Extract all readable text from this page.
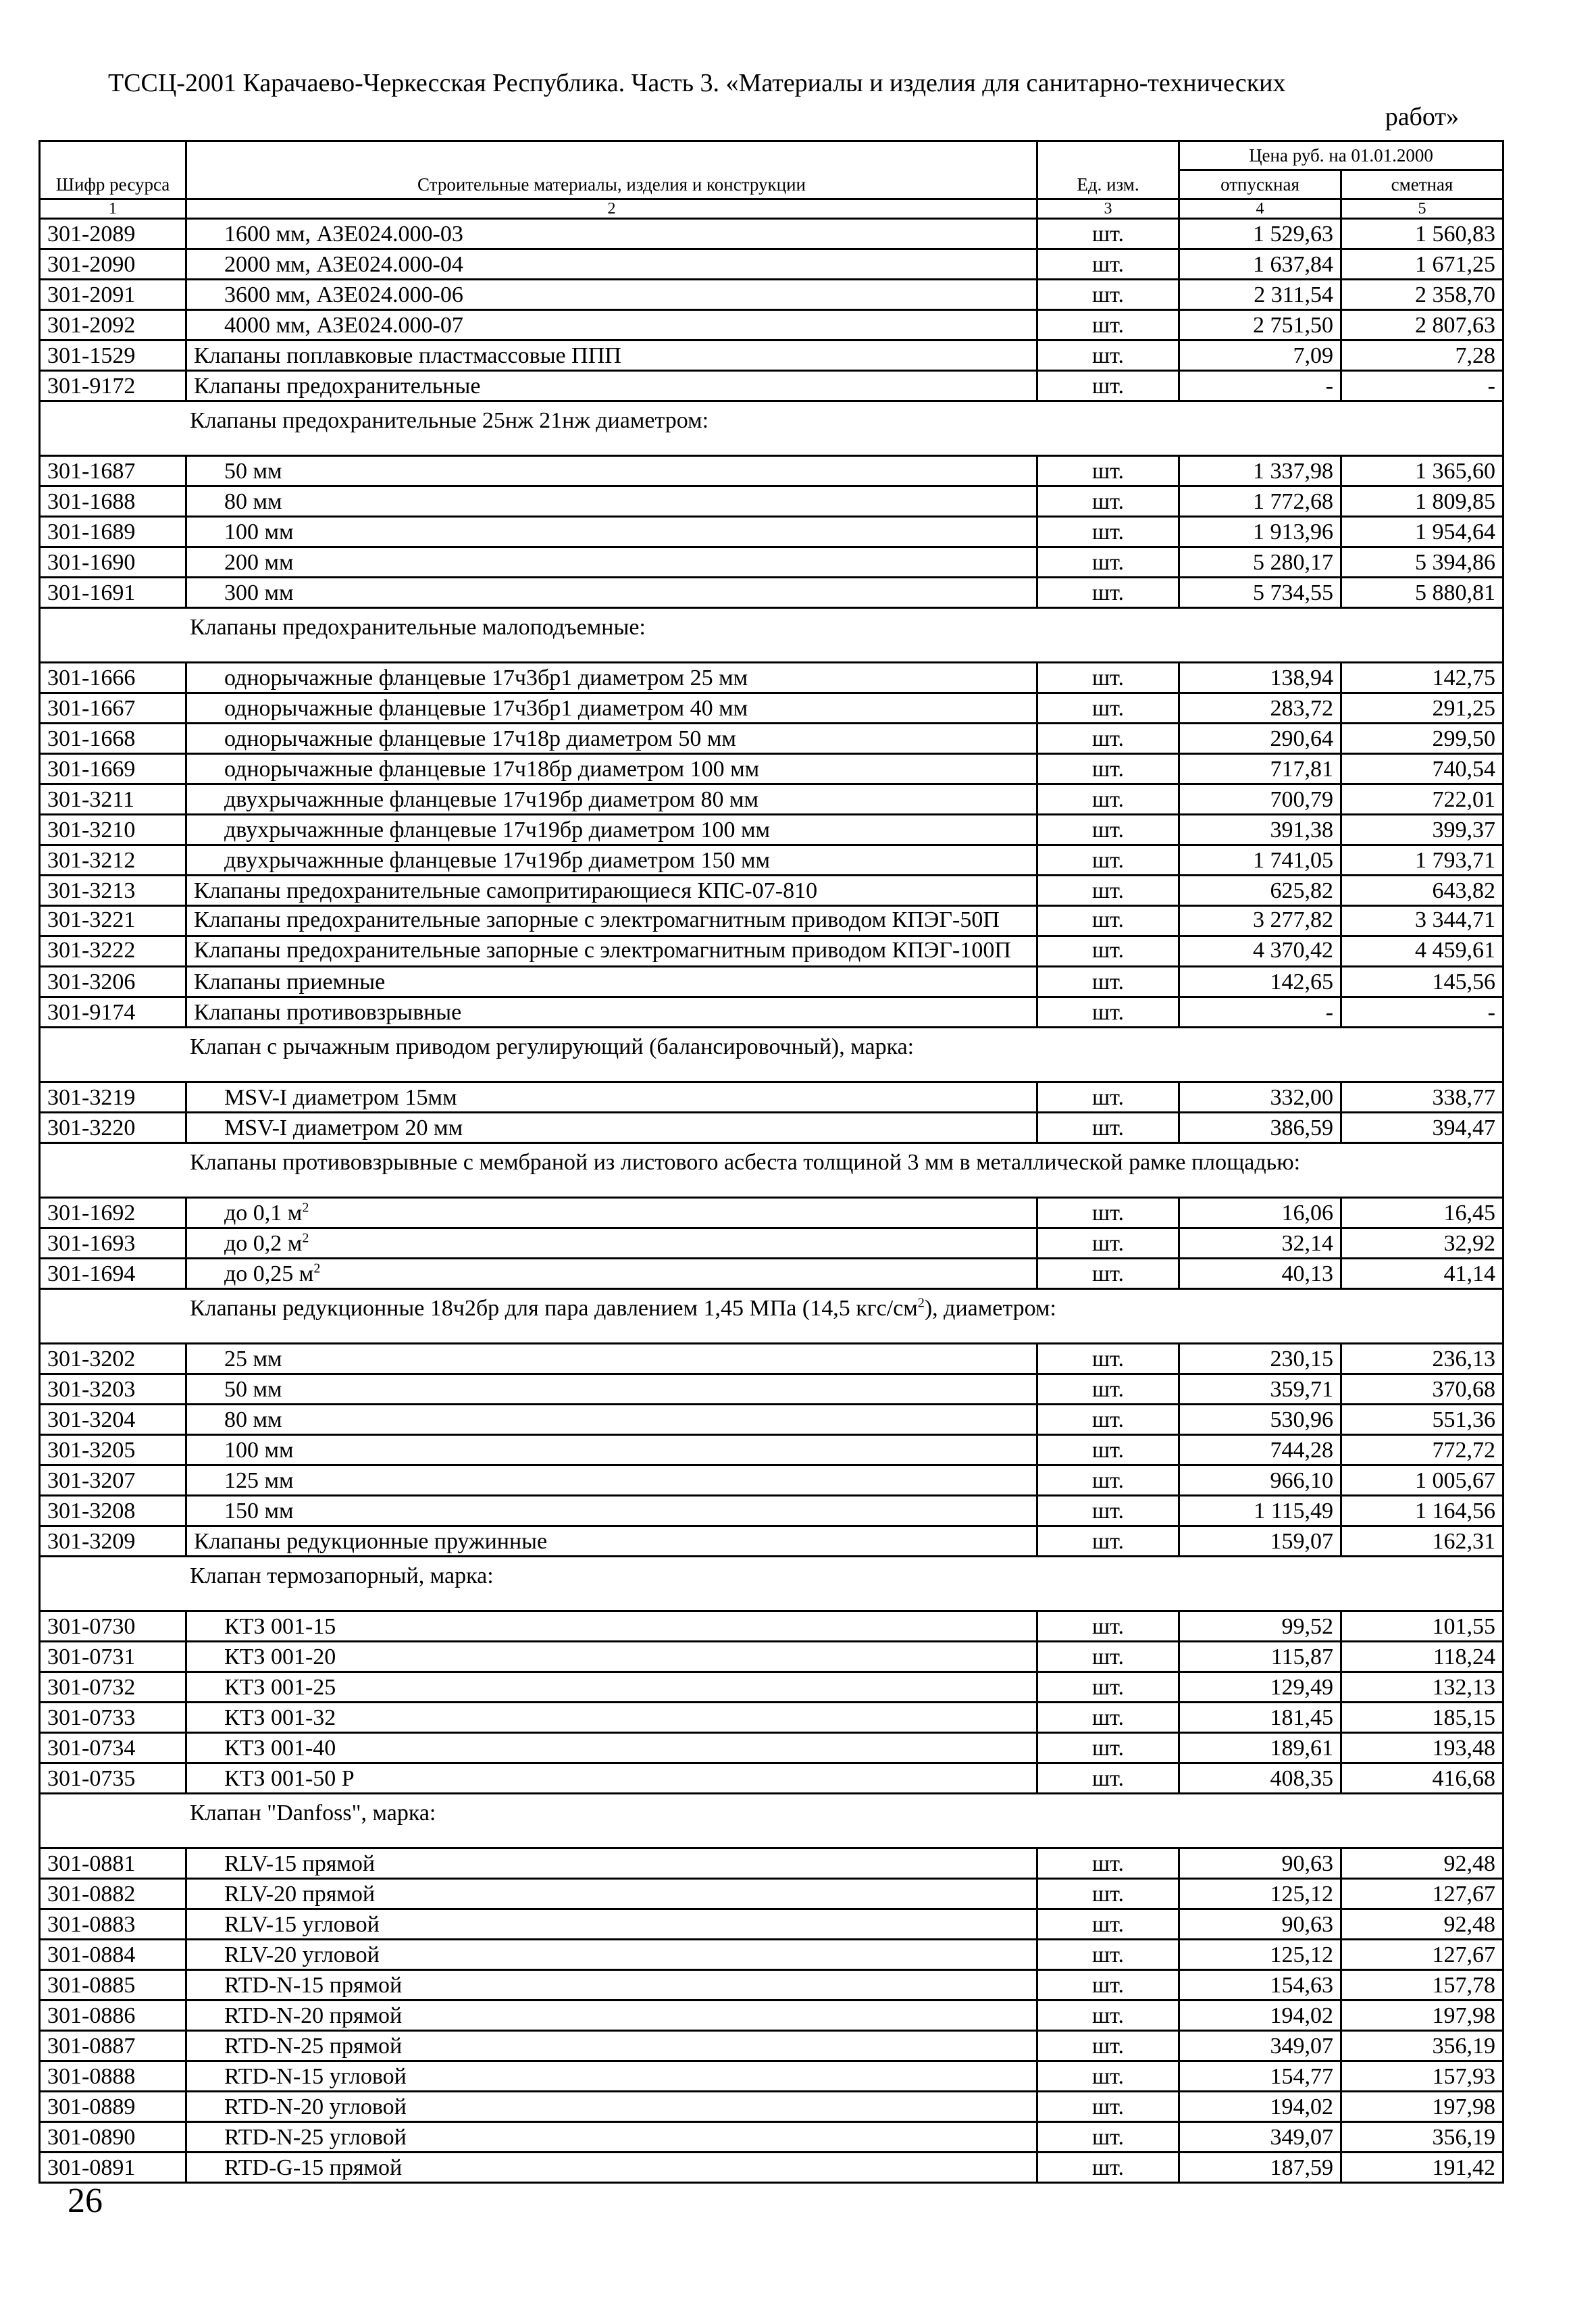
ТССЦ-2001 Карачаево-Черкесская Республика. Часть 3. «Материалы и изделия для санитарно-технических
работ»
Шифр ресурса	Строительные материалы, изделия и конструкции	Ед. изм.	Цена руб. на 01.01.2000	
			отпускная	сметная
1	2	3	4	5
301-2089	1600 мм, АЗЕ024.000-03	шт.	1 529,63	1 560,83
301-2090	2000 мм, АЗЕ024.000-04	шт.	1 637,84	1 671,25
301-2091	3600 мм, АЗЕ024.000-06	шт.	2 311,54	2 358,70
301-2092	4000 мм, АЗЕ024.000-07	шт.	2 751,50	2 807,63
301-1529	Клапаны поплавковые пластмассовые ППП	шт.	7,09	7,28
301-9172	Клапаны предохранительные	шт.	-	-
Клапаны предохранительные 25нж 21нж диаметром:				
301-1687	50 мм	шт.	1 337,98	1 365,60
301-1688	80 мм	шт.	1 772,68	1 809,85
301-1689	100 мм	шт.	1 913,96	1 954,64
301-1690	200 мм	шт.	5 280,17	5 394,86
301-1691	300 мм	шт.	5 734,55	5 880,81
Клапаны предохранительные малоподъемные:				
301-1666	однорычажные фланцевые 17ч3бр1 диаметром 25 мм	шт.	138,94	142,75
301-1667	однорычажные фланцевые 17ч3бр1 диаметром 40 мм	шт.	283,72	291,25
301-1668	однорычажные фланцевые 17ч18р диаметром 50 мм	шт.	290,64	299,50
301-1669	однорычажные фланцевые 17ч18бр диаметром 100 мм	шт.	717,81	740,54
301-3211	двухрычажнные фланцевые 17ч19бр диаметром 80 мм	шт.	700,79	722,01
301-3210	двухрычажнные фланцевые 17ч19бр диаметром 100 мм	шт.	391,38	399,37
301-3212	двухрычажнные фланцевые 17ч19бр диаметром 150 мм	шт.	1 741,05	1 793,71
301-3213	Клапаны предохранительные самопритирающиеся КПС-07-810	шт.	625,82	643,82
301-3221	Клапаны предохранительные запорные с электромагнитным приводом КПЭГ-50П	шт.	3 277,82	3 344,71
301-3222	Клапаны предохранительные запорные с электромагнитным приводом КПЭГ-100П	шт.	4 370,42	4 459,61
301-3206	Клапаны приемные	шт.	142,65	145,56
301-9174	Клапаны противовзрывные	шт.	-	-
Клапан с рычажным приводом регулирующий (балансировочный), марка:				
301-3219	MSV-I диаметром 15мм	шт.	332,00	338,77
301-3220	MSV-I диаметром 20 мм	шт.	386,59	394,47
Клапаны противовзрывные с мембраной из листового асбеста толщиной 3 мм в металлической рамке площадью:				
301-1692	до 0,1 $м^2$	шт.	16,06	16,45
301-1693	до 0,2 $м^2$	шт.	32,14	32,92
301-1694	до 0,25 $м^2$	шт.	40,13	41,14
Клапаны редукционные 18ч2бр для пара давлением 1,45 МПа (14,5 кгс/$см^2$), диаметром:				
301-3202	25 мм	шт.	230,15	236,13
301-3203	50 мм	шт.	359,71	370,68
301-3204	80 мм	шт.	530,96	551,36
301-3205	100 мм	шт.	744,28	772,72
301-3207	125 мм	шт.	966,10	1 005,67
301-3208	150 мм	шт.	1 115,49	1 164,56
301-3209	Клапаны редукционные пружинные	шт.	159,07	162,31
Клапан термозапорный, марка:				
301-0730	КТЗ 001-15	шт.	99,52	101,55
301-0731	КТЗ 001-20	шт.	115,87	118,24
301-0732	КТЗ 001-25	шт.	129,49	132,13
301-0733	КТЗ 001-32	шт.	181,45	185,15
301-0734	КТЗ 001-40	шт.	189,61	193,48
301-0735	КТЗ 001-50 Р	шт.	408,35	416,68
Клапан "Danfoss", марка:				
301-0881	RLV-15 прямой	шт.	90,63	92,48
301-0882	RLV-20 прямой	шт.	125,12	127,67
301-0883	RLV-15 угловой	шт.	90,63	92,48
301-0884	RLV-20 угловой	шт.	125,12	127,67
301-0885	RTD-N-15 прямой	шт.	154,63	157,78
301-0886	RTD-N-20 прямой	шт.	194,02	197,98
301-0887	RTD-N-25 прямой	шт.	349,07	356,19
301-0888	RTD-N-15 угловой	шт.	154,77	157,93
301-0889	RTD-N-20 угловой	шт.	194,02	197,98
301-0890	RTD-N-25 угловой	шт.	349,07	356,19
301-0891	RTD-G-15 прямой	шт.	187,59	191,42
26
